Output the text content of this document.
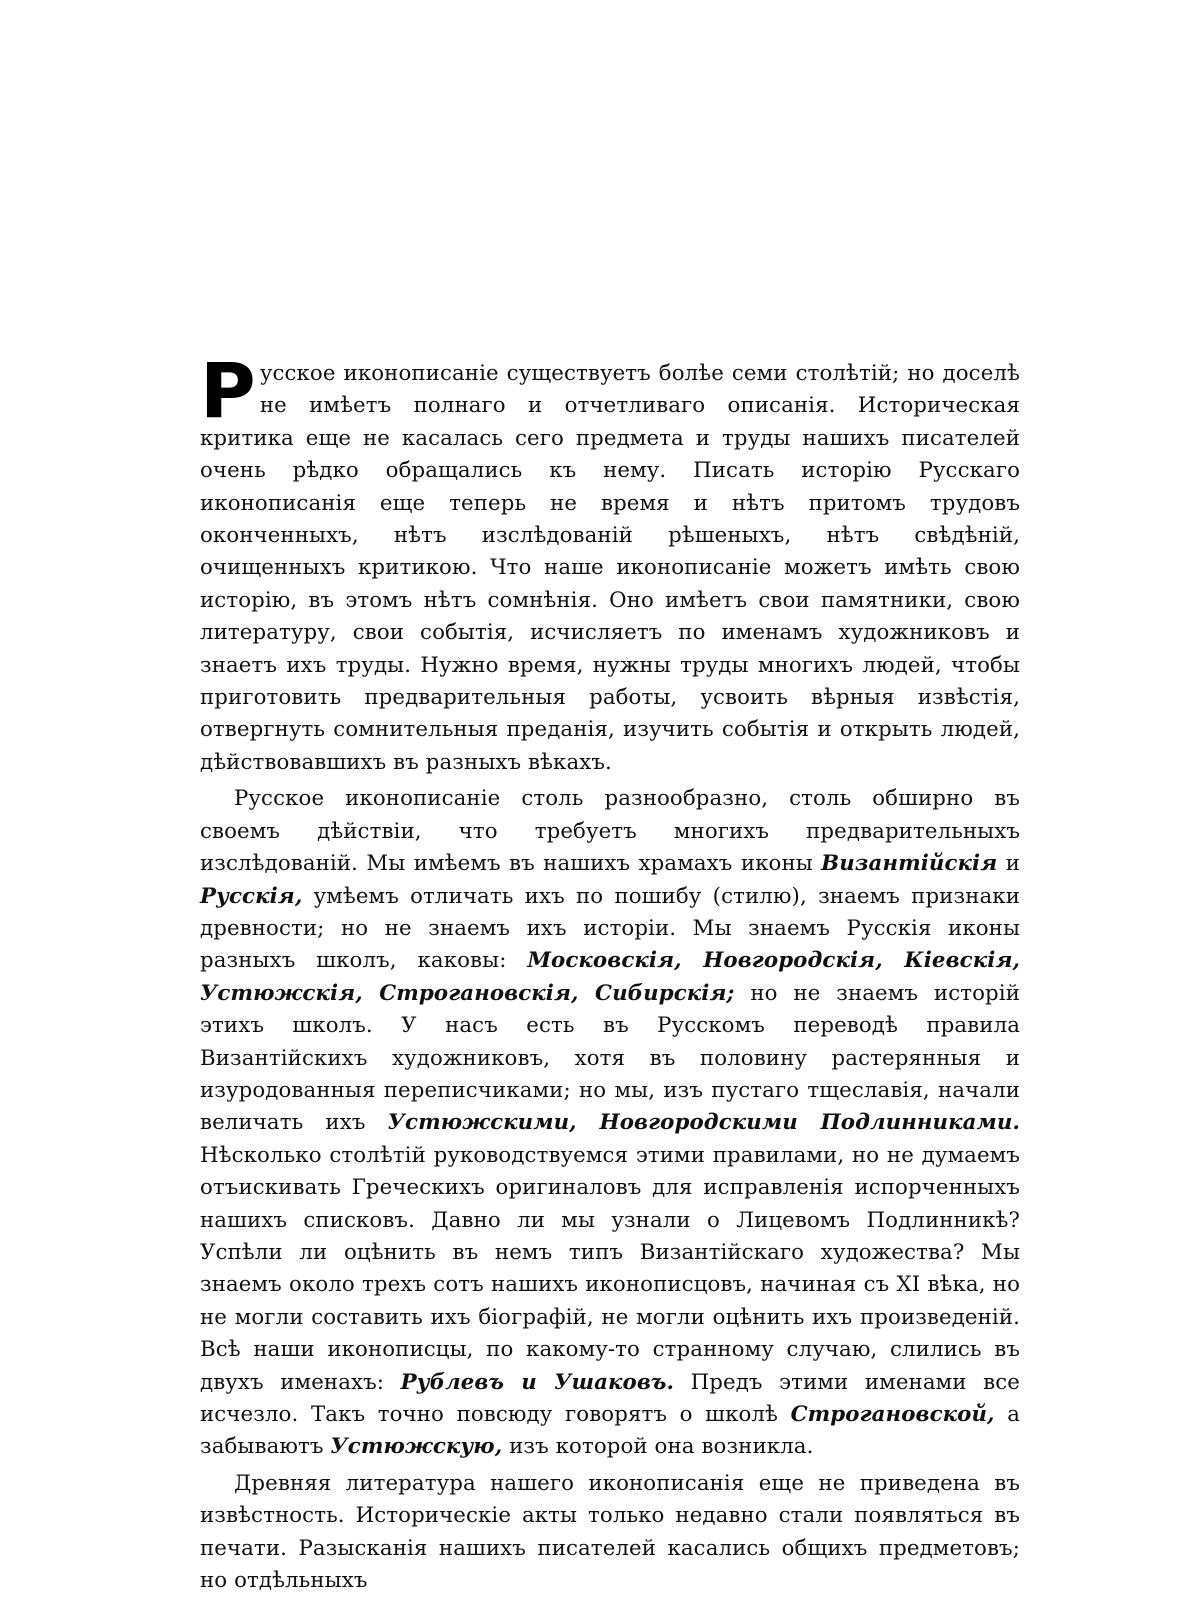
Русское иконописаніе существуетъ болѣе семи столѣтій; но доселѣ не имѣетъ полнаго и отчетливаго описанія. Историческая критика еще не касалась сего предмета и труды нашихъ писателей очень рѣдко обращались къ нему. Писать исторію Русскаго иконописанія еще теперь не время и нѣтъ притомъ трудовъ оконченныхъ, нѣтъ изслѣдованій рѣшеныхъ, нѣтъ свѣдѣній, очищенныхъ критикою. Что наше иконописаніе можетъ имѣть свою исторію, въ этомъ нѣтъ сомнѣнія. Оно имѣетъ свои памятники, свою литературу, свои событія, исчисляетъ по именамъ художниковъ и знаетъ ихъ труды. Нужно время, нужны труды многихъ людей, чтобы приготовить предварительныя работы, усвоить вѣрныя извѣстія, отвергнуть сомнительныя преданія, изучить событія и открыть людей, дѣйствовавшихъ въ разныхъ вѣкахъ.

Русское иконописаніе столь разнообразно, столь обширно въ своемъ дѣйствіи, что требуетъ многихъ предварительныхъ изслѣдованій. Мы имѣемъ въ нашихъ храмахъ иконы Византійскія и Русскія, умѣемъ отличать ихъ по пошибу (стилю), знаемъ признаки древности; но не знаемъ ихъ исторіи. Мы знаемъ Русскія иконы разныхъ школъ, каковы: Московскія, Новгородскія, Кіевскія, Устюжскія, Строгановскія, Сибирскія; но не знаемъ исторій этихъ школъ. У насъ есть въ Русскомъ переводѣ правила Византійскихъ художниковъ, хотя въ половину растерянныя и изуродованныя переписчиками; но мы, изъ пустаго тщеславія, начали величать ихъ Устюжскими, Новгородскими Подлинниками. Нѣсколько столѣтій руководствуемся этими правилами, но не думаемъ отъискивать Греческихъ оригиналовъ для исправленія испорченныхъ нашихъ списковъ. Давно ли мы узнали о Лицевомъ Подлинникѣ? Успѣли ли оцѣнить въ немъ типъ Византійскаго художества? Мы знаемъ около трехъ сотъ нашихъ иконописцовъ, начиная съ XI вѣка, но не могли составить ихъ біографій, не могли оцѣнить ихъ произведеній. Всѣ наши иконописцы, по какому-то странному случаю, слились въ двухъ именахъ: Рублевъ и Ушаковъ. Предъ этими именами все исчезло. Такъ точно повсюду говорятъ о школѣ Строгановской, а забываютъ Устюжскую, изъ которой она возникла.

Древняя литература нашего иконописанія еще не приведена въ извѣстность. Историческіе акты только недавно стали появляться въ печати. Разысканія нашихъ писателей касались общихъ предметовъ; но отдѣльныхъ
